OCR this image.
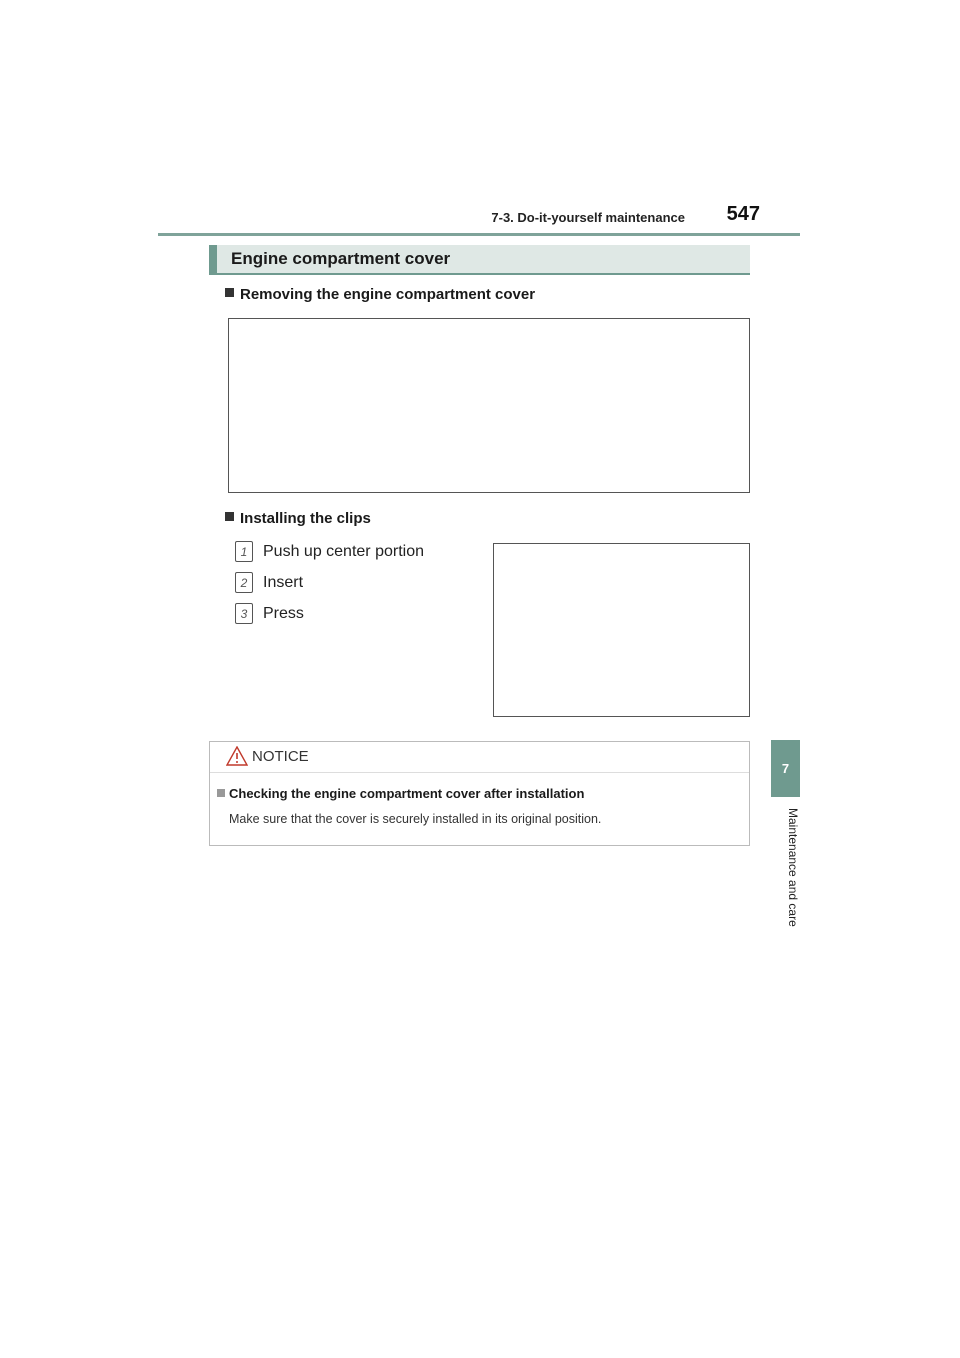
7-3. Do-it-yourself maintenance 547
7
Maintenance and care
Engine compartment cover
Removing the engine compartment cover
Installing the clips
1 Push up center portion
2 Insert
3 Press
NOTICE
Checking the engine compartment cover after installation
Make sure that the cover is securely installed in its original position.
